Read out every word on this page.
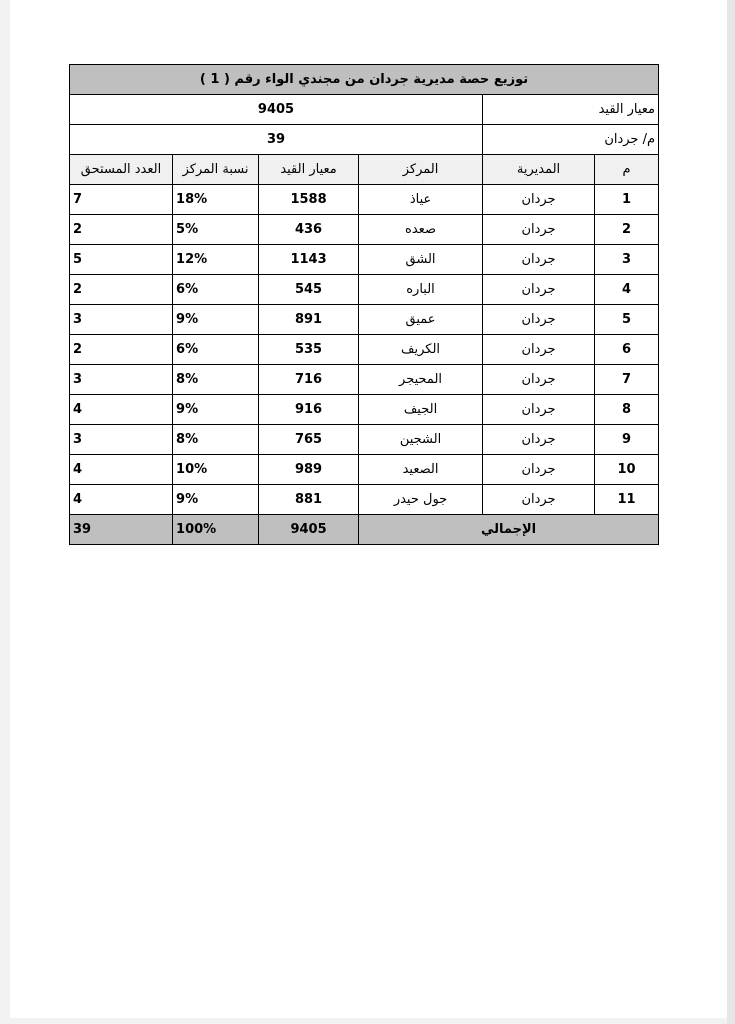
توزيع حصة مديرية جردان من مجندي الواء رقم ( 1 )					
معيار القيد		9405			
م/ جردان		39			
م	المديرية	المركز	معيار القيد	نسبة المركز	العدد المستحق
1	جردان	عياذ	1588	18%	7
2	جردان	صعده	436	5%	2
3	جردان	الشق	1143	12%	5
4	جردان	الباره	545	6%	2
5	جردان	عميق	891	9%	3
6	جردان	الكريف	535	6%	2
7	جردان	المحيجر	716	8%	3
8	جردان	الجيف	916	9%	4
9	جردان	الشجين	765	8%	3
10	جردان	الصعيد	989	10%	4
11	جردان	جول حيدر	881	9%	4
الإجمالي			9405	100%	39
